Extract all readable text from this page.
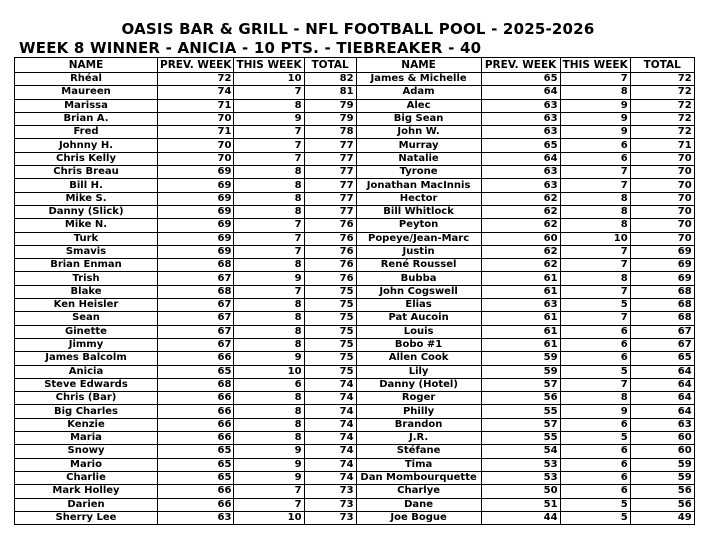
OASIS BAR & GRILL - NFL FOOTBALL POOL - 2025-2026
WEEK 8 WINNER - ANICIA - 10 PTS. - TIEBREAKER - 40
NAME	PREV. WEEK	THIS WEEK	TOTAL	NAME	PREV. WEEK	THIS WEEK	TOTAL
Rhéal	72	10	82	James & Michelle	65	7	72
Maureen	74	7	81	Adam	64	8	72
Marissa	71	8	79	Alec	63	9	72
Brian A.	70	9	79	Big Sean	63	9	72
Fred	71	7	78	John W.	63	9	72
Johnny H.	70	7	77	Murray	65	6	71
Chris Kelly	70	7	77	Natalie	64	6	70
Chris Breau	69	8	77	Tyrone	63	7	70
Bill H.	69	8	77	Jonathan MacInnis	63	7	70
Mike S.	69	8	77	Hector	62	8	70
Danny (Slick)	69	8	77	Bill Whitlock	62	8	70
Mike N.	69	7	76	Peyton	62	8	70
Turk	69	7	76	Popeye/Jean-Marc	60	10	70
Smavis	69	7	76	Justin	62	7	69
Brian Enman	68	8	76	René Roussel	62	7	69
Trish	67	9	76	Bubba	61	8	69
Blake	68	7	75	John Cogswell	61	7	68
Ken Heisler	67	8	75	Elias	63	5	68
Sean	67	8	75	Pat Aucoin	61	7	68
Ginette	67	8	75	Louis	61	6	67
Jimmy	67	8	75	Bobo #1	61	6	67
James Balcolm	66	9	75	Allen Cook	59	6	65
Anicia	65	10	75	Lily	59	5	64
Steve Edwards	68	6	74	Danny (Hotel)	57	7	64
Chris (Bar)	66	8	74	Roger	56	8	64
Big Charles	66	8	74	Philly	55	9	64
Kenzie	66	8	74	Brandon	57	6	63
Maria	66	8	74	J.R.	55	5	60
Snowy	65	9	74	Stéfane	54	6	60
Mario	65	9	74	Tima	53	6	59
Charlie	65	9	74	Dan Mombourquette	53	6	59
Mark Holley	66	7	73	Charlye	50	6	56
Darien	66	7	73	Dane	51	5	56
Sherry Lee	63	10	73	Joe Bogue	44	5	49
